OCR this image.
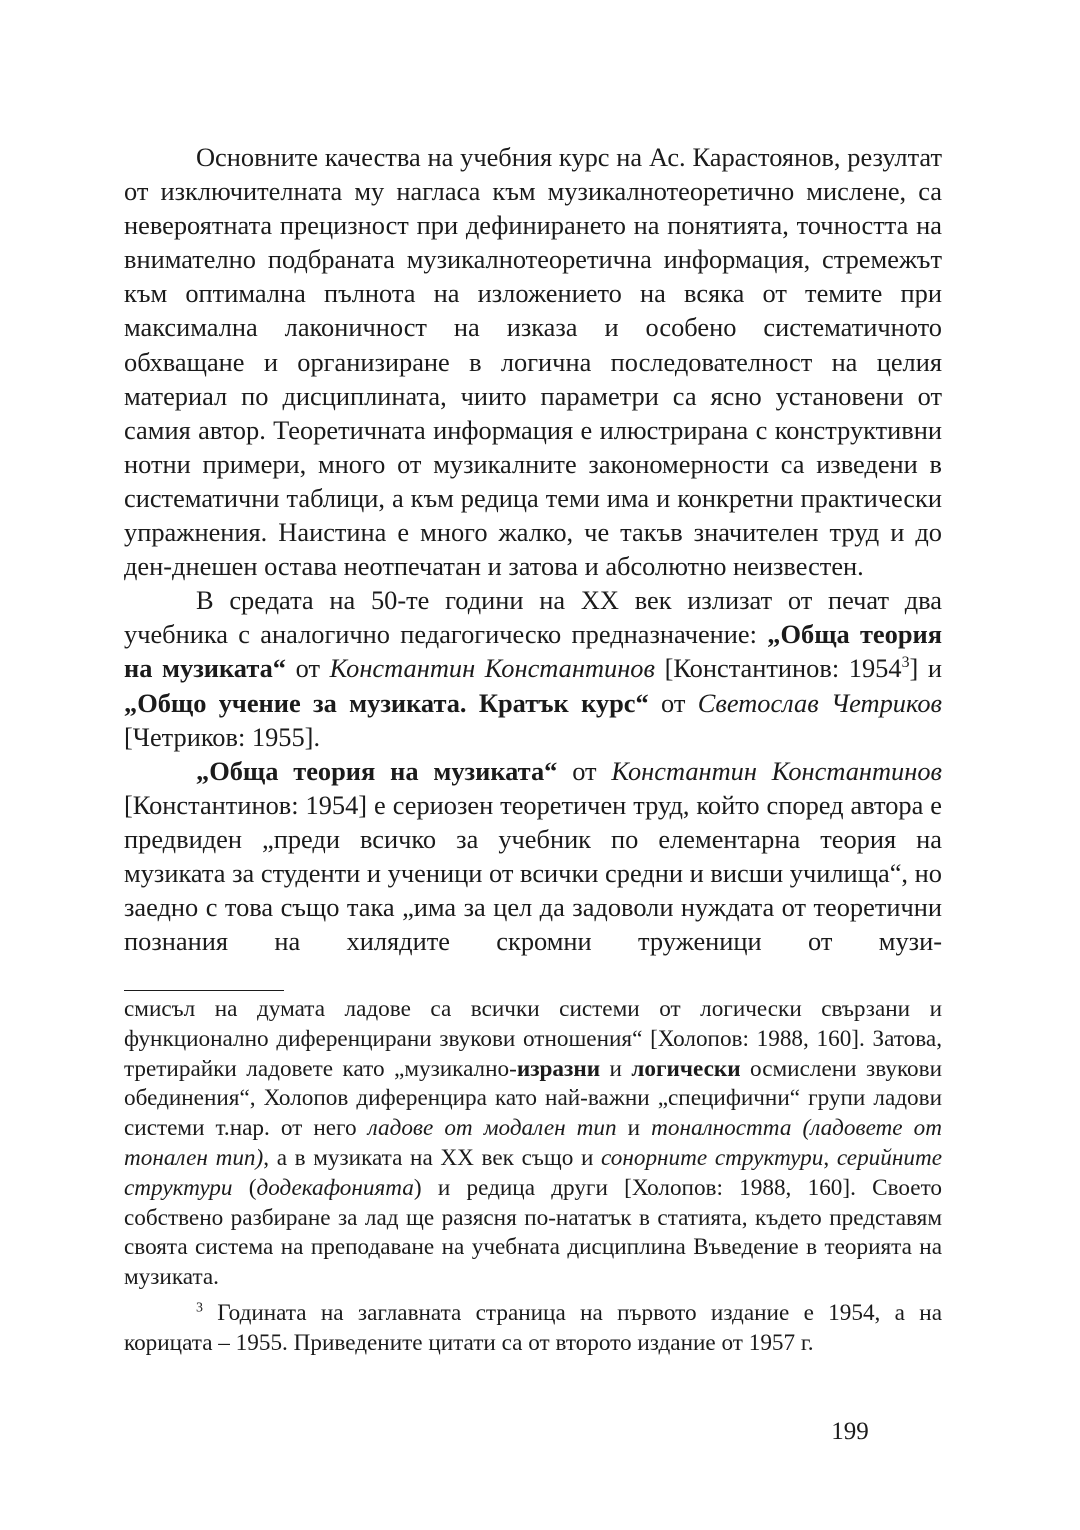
Основните качества на учебния курс на Ас. Карастоянов, резултат от изключителната му нагласа към музикалнотеоретично мислене, са невероятната прецизност при дефинирането на понятията, точността на внимателно подбраната музикалнотеоретична информация, стремежът към оптимална пълнота на изложението на всяка от темите при максимална лаконичност на изказа и особено систематичното обхващане и организиране в логична последователност на целия материал по дисциплината, чиито параметри са ясно установени от самия автор. Теоретичната информация е илюстрирана с конструктивни нотни примери, много от музикалните закономерности са изведени в систематични таблици, а към редица теми има и конкретни практически упражнения. Наистина е много жалко, че такъв значителен труд и до ден-днешен остава неотпечатан и затова и абсолютно неизвестен.

В средата на 50-те години на XX век излизат от печат два учебника с аналогично педагогическо предназначение: „Обща теория на музиката“ от Константин Константинов [Константинов: 1954$^3$] и „Общо учение за музиката. Кратък курс“ от Светослав Четриков [Четриков: 1955].

„Обща теория на музиката“ от Константин Константинов [Константинов: 1954] е сериозен теоретичен труд, който според автора е предвиден „преди всичко за учебник по елементарна теория на музиката за студенти и ученици от всички средни и висши училища“, но заедно с това също така „има за цел да задоволи нуждата от теоретични познания на хилядите скромни труженици от музи-

смисъл на думата ладове са всички системи от логически свързани и функционално диференцирани звукови отношения“ [Холопов: 1988, 160]. Затова, третирайки ладовете като „музикално-изразни и логически осмислени звукови обединения“, Холопов диференцира като най-важни „специфични“ групи ладови системи т.нар. от него ладове от модален тип и тоналността (ладовете от тонален тип), а в музиката на XX век също и сонорните структури, серийните структури (додекафонията) и редица други [Холопов: 1988, 160]. Своето собствено разбиране за лад ще разясня по-нататък в статията, където представям своята система на преподаване на учебната дисциплина Въведение в теорията на музиката.

$^3$ Годината на заглавната страница на първото издание е 1954, а на корицата – 1955. Приведените цитати са от второто издание от 1957 г.

199
